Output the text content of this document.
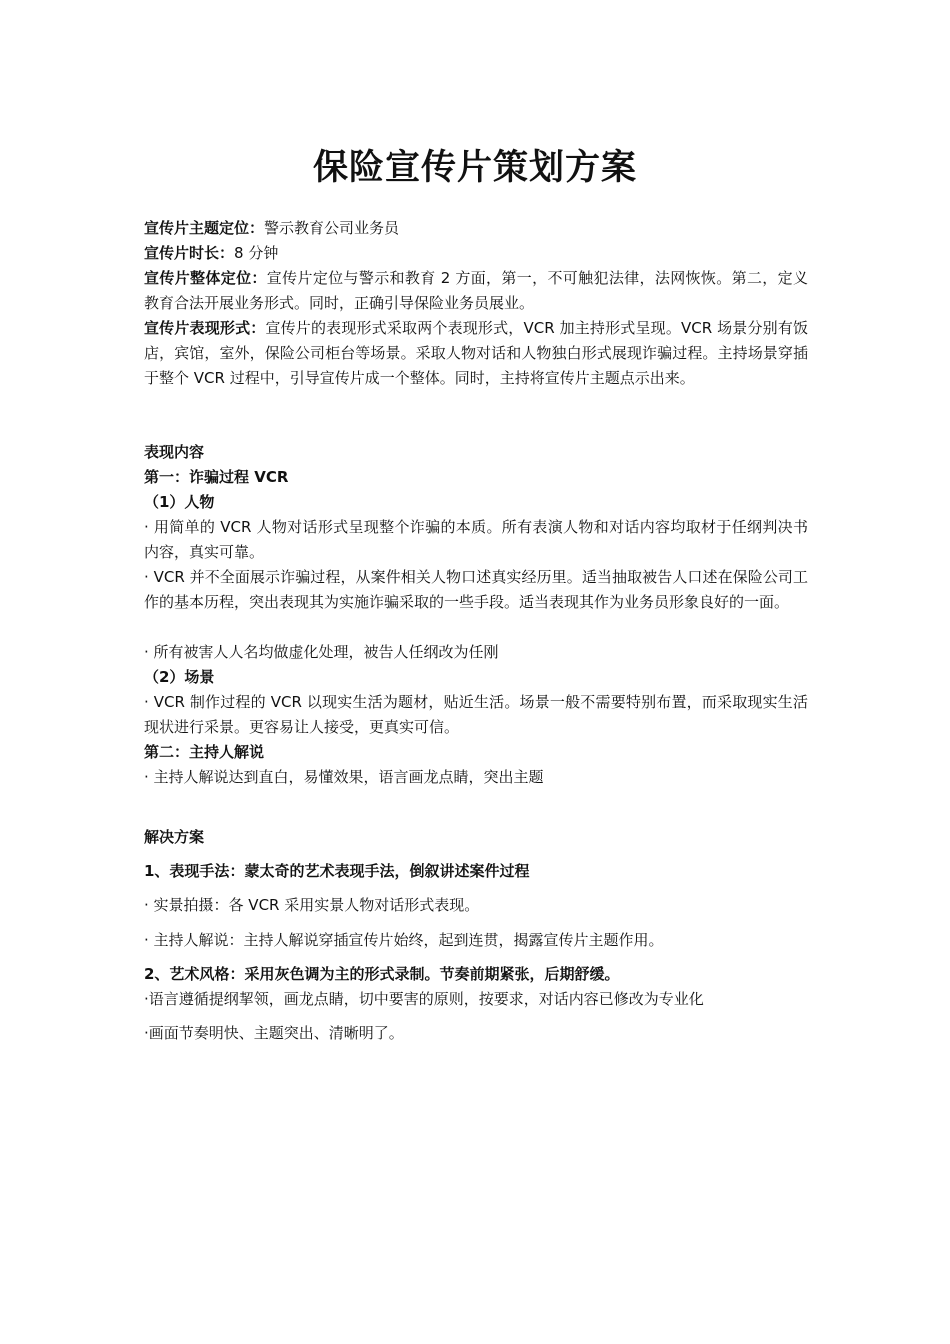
保险宣传片策划方案

宣传片主题定位：警示教育公司业务员

宣传片时长：8 分钟

宣传片整体定位：宣传片定位与警示和教育 2 方面，第一，不可触犯法律，法网恢恢。第二，定义教育合法开展业务形式。同时，正确引导保险业务员展业。

宣传片表现形式：宣传片的表现形式采取两个表现形式，VCR 加主持形式呈现。VCR 场景分别有饭店，宾馆，室外，保险公司柜台等场景。采取人物对话和人物独白形式展现诈骗过程。主持场景穿插于整个 VCR 过程中，引导宣传片成一个整体。同时，主持将宣传片主题点示出来。

表现内容

第一：诈骗过程 VCR

（1）人物

· 用简单的 VCR 人物对话形式呈现整个诈骗的本质。所有表演人物和对话内容均取材于任纲判决书内容，真实可靠。

· VCR 并不全面展示诈骗过程，从案件相关人物口述真实经历里。适当抽取被告人口述在保险公司工作的基本历程，突出表现其为实施诈骗采取的一些手段。适当表现其作为业务员形象良好的一面。

· 所有被害人人名均做虚化处理，被告人任纲改为任刚

（2）场景

· VCR 制作过程的 VCR 以现实生活为题材，贴近生活。场景一般不需要特别布置，而采取现实生活现状进行采景。更容易让人接受，更真实可信。

第二：主持人解说

· 主持人解说达到直白，易懂效果，语言画龙点睛，突出主题

解决方案

1、表现手法：蒙太奇的艺术表现手法，倒叙讲述案件过程

· 实景拍摄：各 VCR 采用实景人物对话形式表现。

· 主持人解说：主持人解说穿插宣传片始终，起到连贯，揭露宣传片主题作用。

2、艺术风格：采用灰色调为主的形式录制。节奏前期紧张，后期舒缓。

·语言遵循提纲挈领，画龙点睛，切中要害的原则，按要求，对话内容已修改为专业化

·画面节奏明快、主题突出、清晰明了。
